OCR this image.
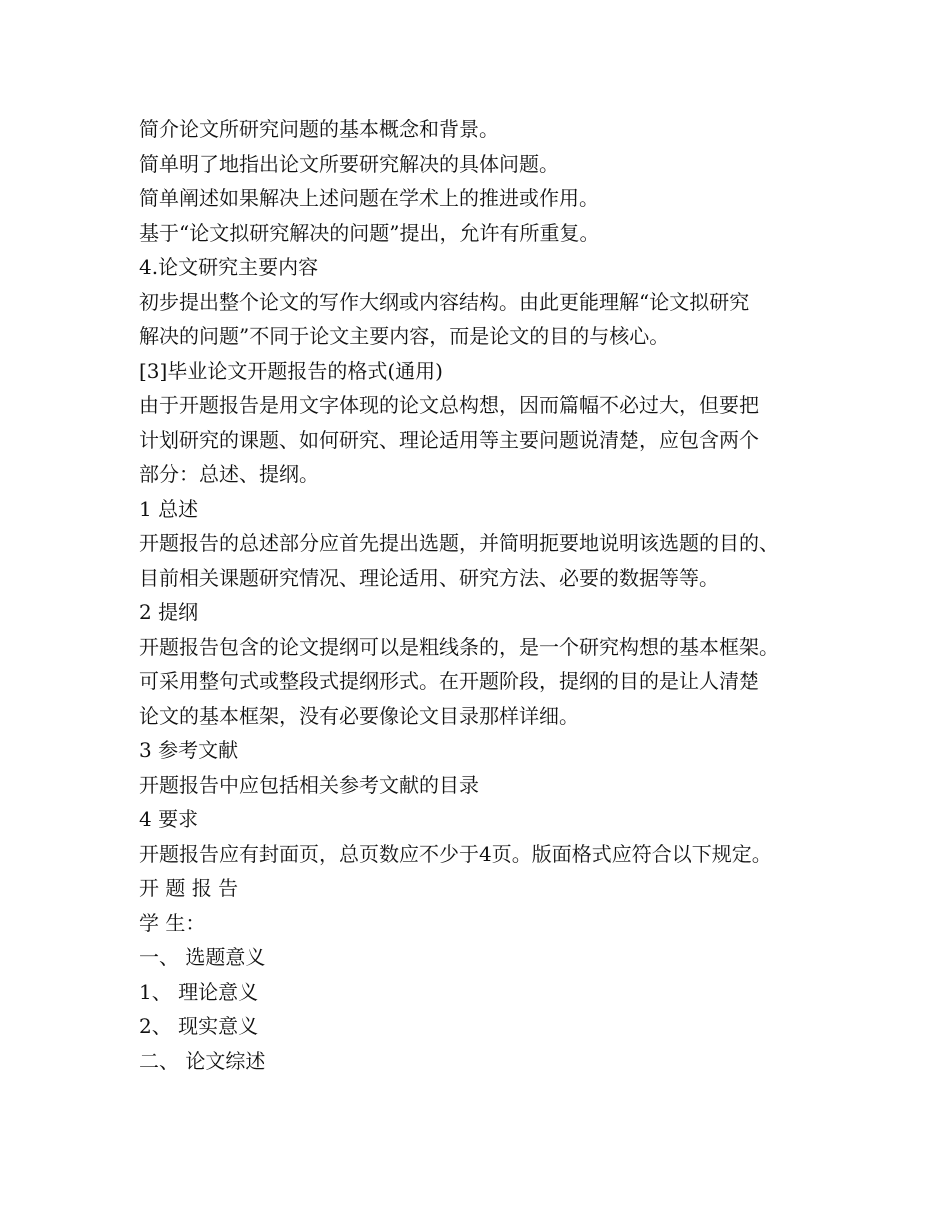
简介论文所研究问题的基本概念和背景。
简单明了地指出论文所要研究解决的具体问题。
简单阐述如果解决上述问题在学术上的推进或作用。
基于“论文拟研究解决的问题”提出，允许有所重复。
4.论文研究主要内容
初步提出整个论文的写作大纲或内容结构。由此更能理解“论文拟研究
解决的问题”不同于论文主要内容，而是论文的目的与核心。
[3]毕业论文开题报告的格式(通用)
由于开题报告是用文字体现的论文总构想，因而篇幅不必过大，但要把
计划研究的课题、如何研究、理论适用等主要问题说清楚，应包含两个
部分：总述、提纲。
1 总述
开题报告的总述部分应首先提出选题，并简明扼要地说明该选题的目的、
目前相关课题研究情况、理论适用、研究方法、必要的数据等等。
2 提纲
开题报告包含的论文提纲可以是粗线条的，是一个研究构想的基本框架。
可采用整句式或整段式提纲形式。在开题阶段，提纲的目的是让人清楚
论文的基本框架，没有必要像论文目录那样详细。
3 参考文献
开题报告中应包括相关参考文献的目录
4 要求
开题报告应有封面页，总页数应不少于4页。版面格式应符合以下规定。
开 题 报 告
学 生：
一、 选题意义
1、 理论意义
2、 现实意义
二、 论文综述
